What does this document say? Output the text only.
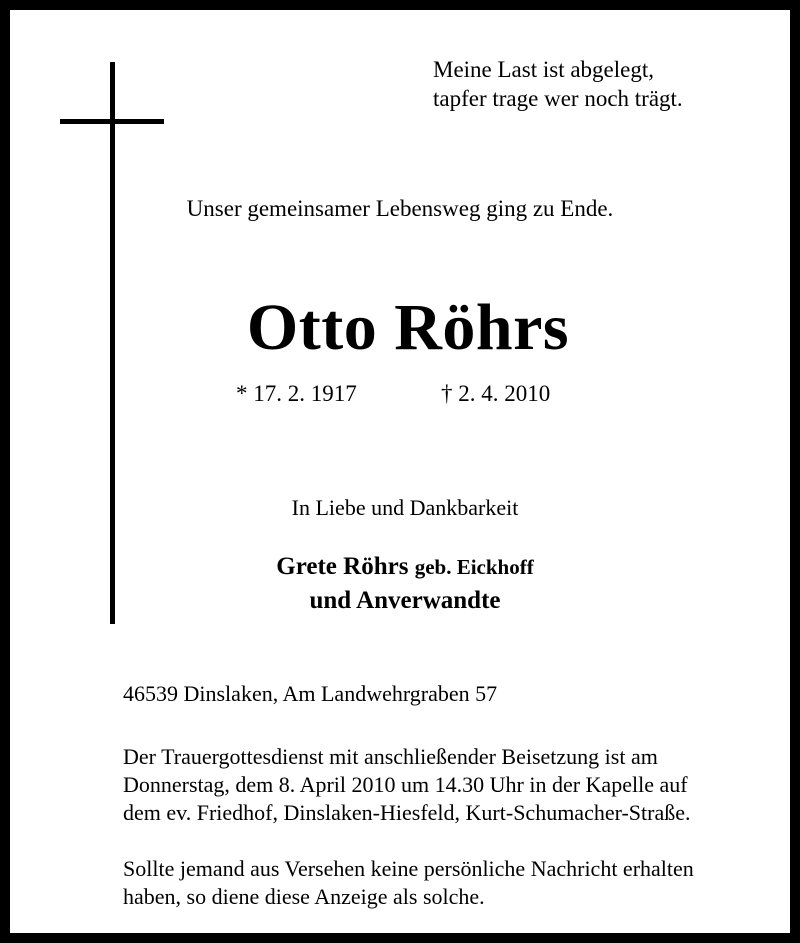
Meine Last ist abgelegt,
tapfer trage wer noch trägt.
Unser gemeinsamer Lebensweg ging zu Ende.
Otto Röhrs
* 17. 2. 1917	† 2. 4. 2010
In Liebe und Dankbarkeit
Grete Röhrs geb. Eickhoff
und Anverwandte
46539 Dinslaken, Am Landwehrgraben 57
Der Trauergottesdienst mit anschließender Beisetzung ist am
Donnerstag, dem 8. April 2010 um 14.30 Uhr in der Kapelle auf
dem ev. Friedhof, Dinslaken-Hiesfeld, Kurt-Schumacher-Straße.
Sollte jemand aus Versehen keine persönliche Nachricht erhalten
haben, so diene diese Anzeige als solche.
